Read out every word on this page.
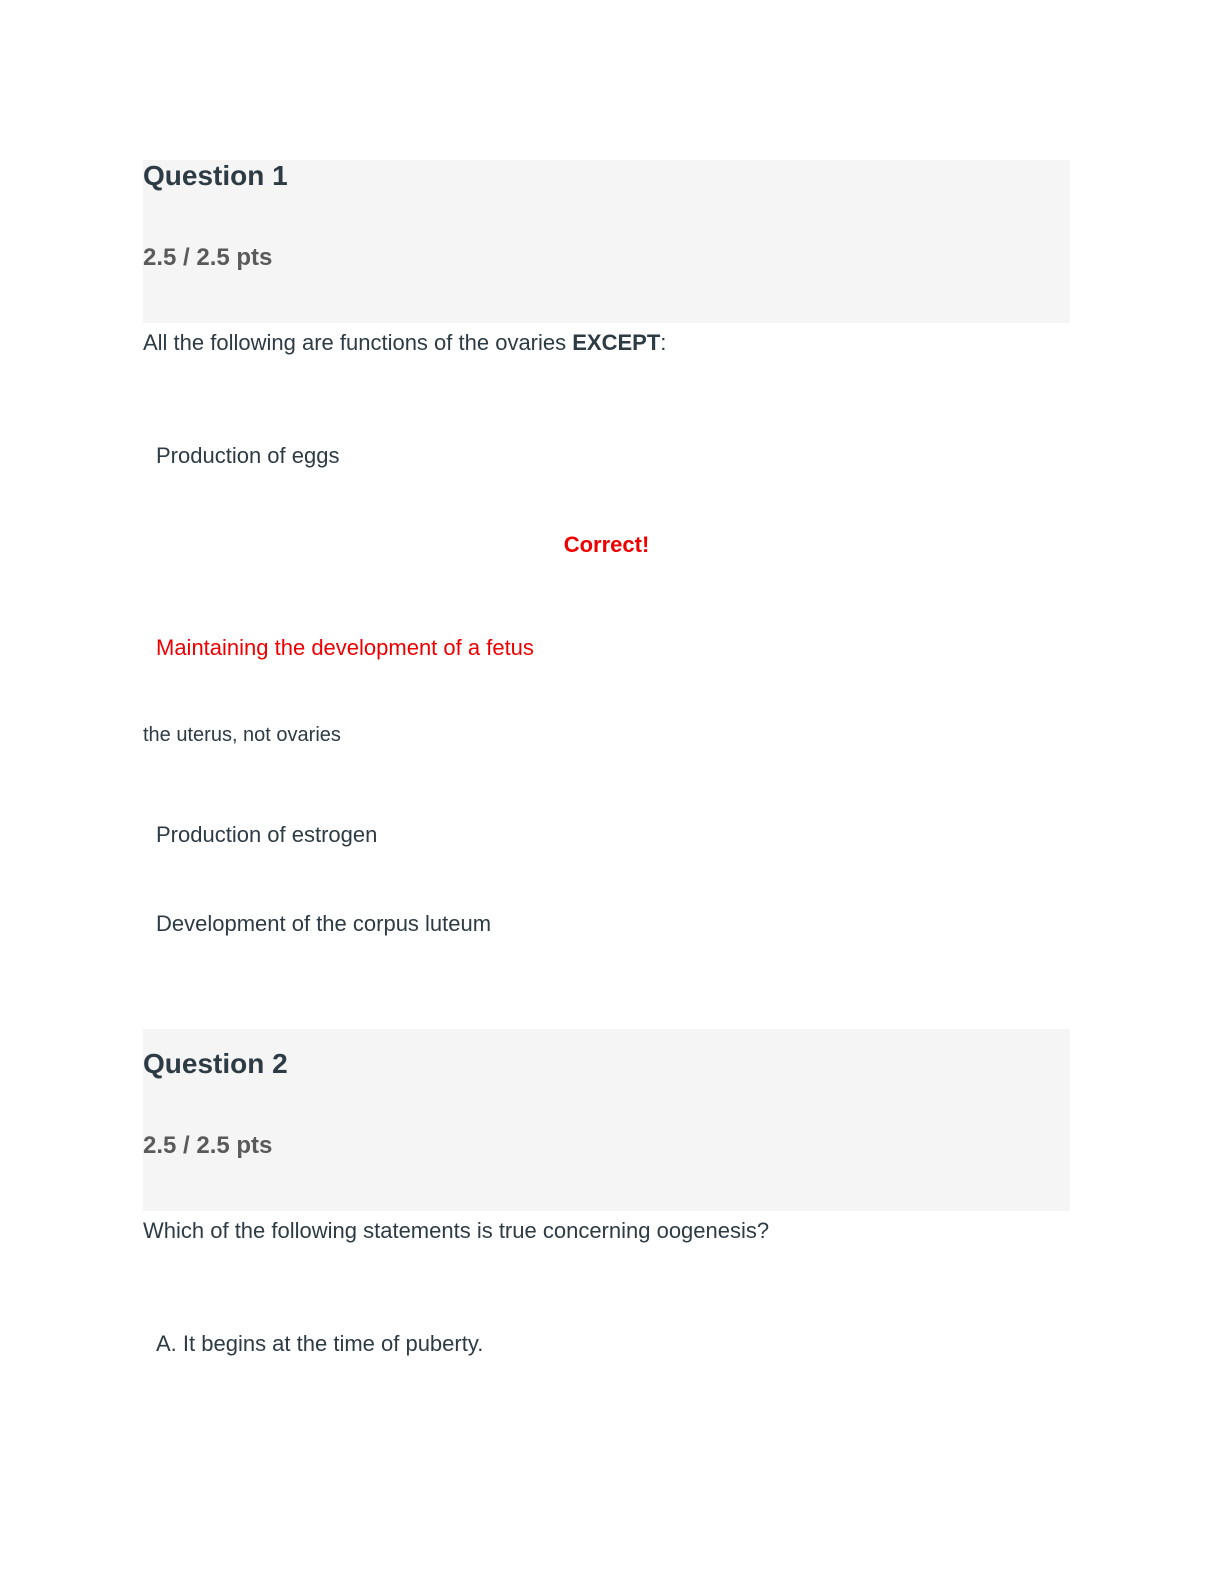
Question 1
2.5 / 2.5 pts
All the following are functions of the ovaries EXCEPT:
Production of eggs
Correct!
Maintaining the development of a fetus
the uterus, not ovaries
Production of estrogen
Development of the corpus luteum
Question 2
2.5 / 2.5 pts
Which of the following statements is true concerning oogenesis?
A. It begins at the time of puberty.
